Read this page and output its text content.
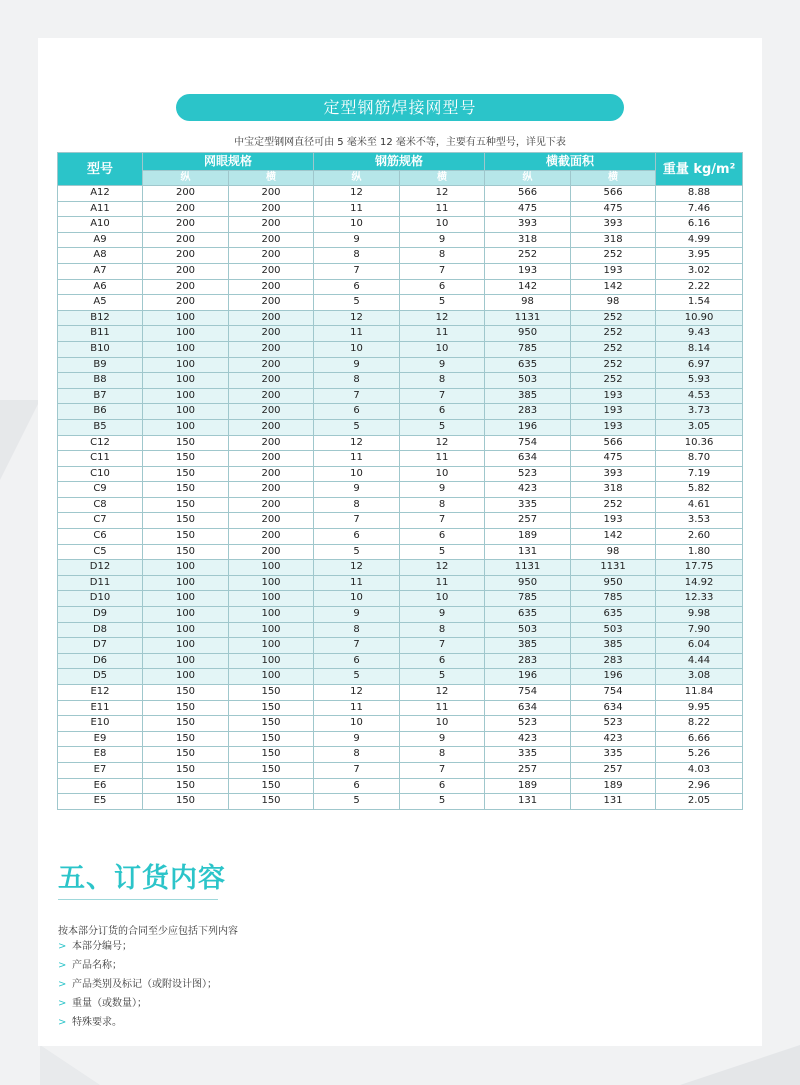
定型钢筋焊接网型号
中宝定型钢网直径可由 5 毫米至 12 毫米不等，主要有五种型号，详见下表
型号	网眼规格		钢筋规格		横截面积		重量 kg/m²
	纵	横	纵	横	纵	横	
A12	200	200	12	12	566	566	8.88
A11	200	200	11	11	475	475	7.46
A10	200	200	10	10	393	393	6.16
A9	200	200	9	9	318	318	4.99
A8	200	200	8	8	252	252	3.95
A7	200	200	7	7	193	193	3.02
A6	200	200	6	6	142	142	2.22
A5	200	200	5	5	98	98	1.54
B12	100	200	12	12	1131	252	10.90
B11	100	200	11	11	950	252	9.43
B10	100	200	10	10	785	252	8.14
B9	100	200	9	9	635	252	6.97
B8	100	200	8	8	503	252	5.93
B7	100	200	7	7	385	193	4.53
B6	100	200	6	6	283	193	3.73
B5	100	200	5	5	196	193	3.05
C12	150	200	12	12	754	566	10.36
C11	150	200	11	11	634	475	8.70
C10	150	200	10	10	523	393	7.19
C9	150	200	9	9	423	318	5.82
C8	150	200	8	8	335	252	4.61
C7	150	200	7	7	257	193	3.53
C6	150	200	6	6	189	142	2.60
C5	150	200	5	5	131	98	1.80
D12	100	100	12	12	1131	1131	17.75
D11	100	100	11	11	950	950	14.92
D10	100	100	10	10	785	785	12.33
D9	100	100	9	9	635	635	9.98
D8	100	100	8	8	503	503	7.90
D7	100	100	7	7	385	385	6.04
D6	100	100	6	6	283	283	4.44
D5	100	100	5	5	196	196	3.08
E12	150	150	12	12	754	754	11.84
E11	150	150	11	11	634	634	9.95
E10	150	150	10	10	523	523	8.22
E9	150	150	9	9	423	423	6.66
E8	150	150	8	8	335	335	5.26
E7	150	150	7	7	257	257	4.03
E6	150	150	6	6	189	189	2.96
E5	150	150	5	5	131	131	2.05
五、订货内容
按本部分订货的合同至少应包括下列内容
> 本部分编号；
> 产品名称；
> 产品类别及标记（或附设计图）；
> 重量（或数量）；
> 特殊要求。
